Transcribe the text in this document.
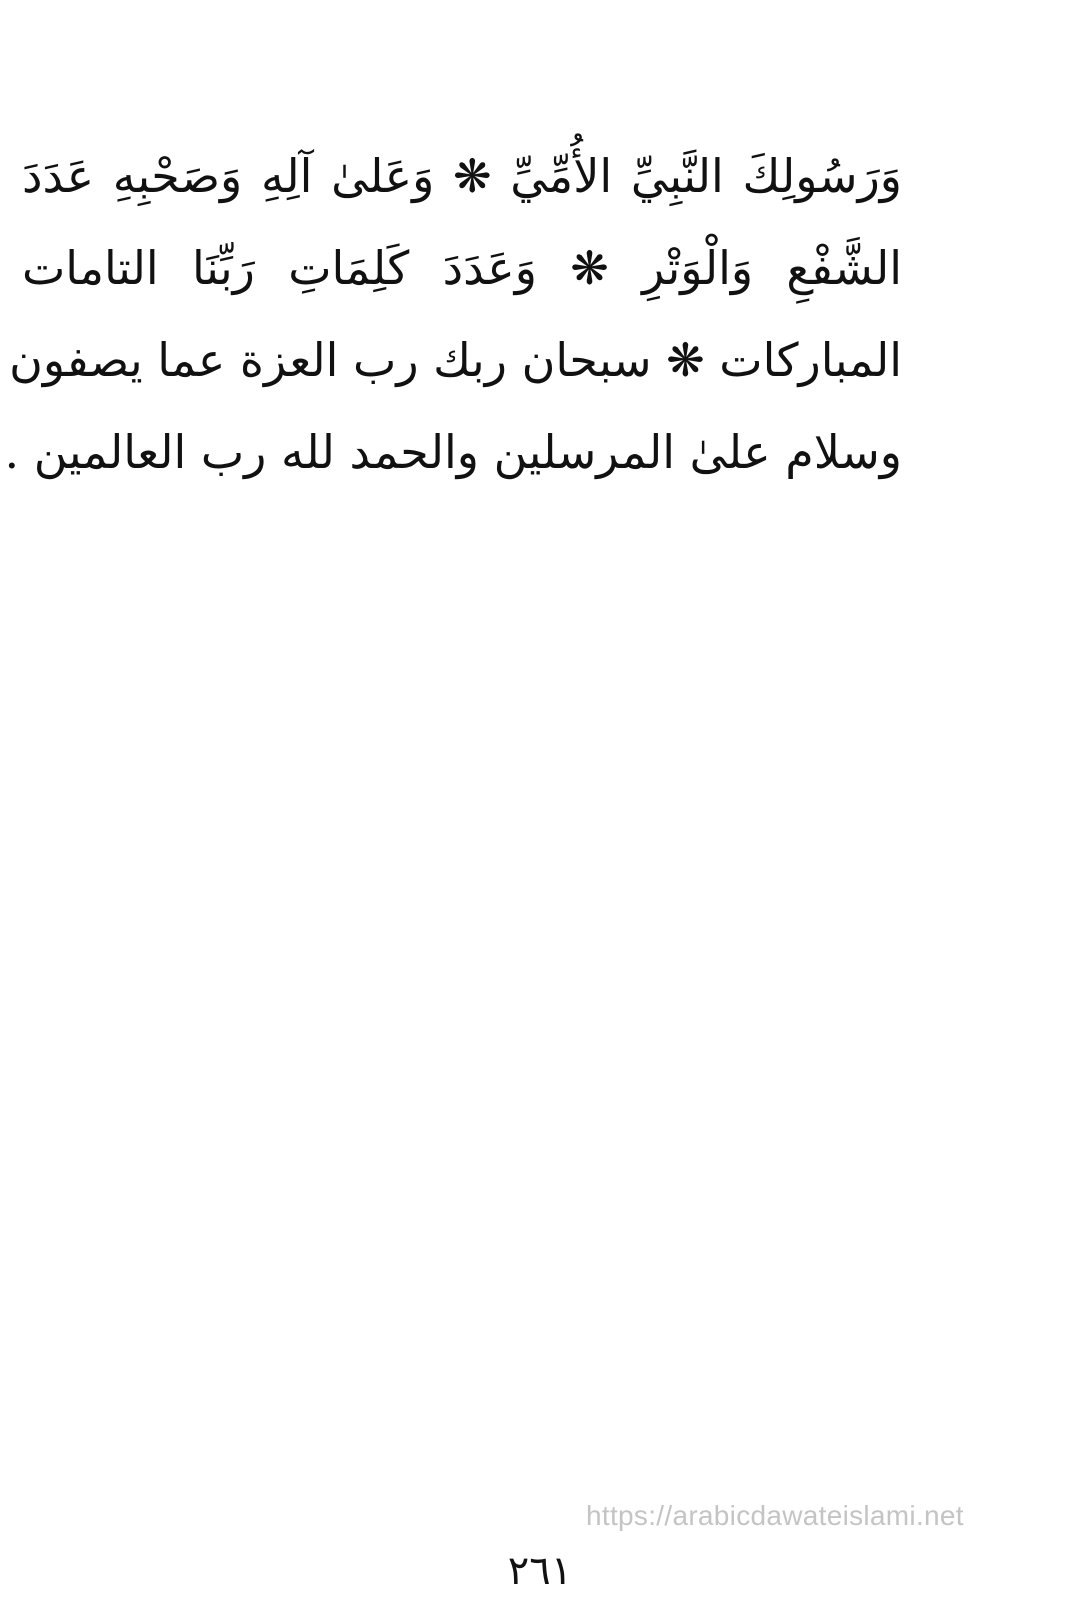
وَرَسُولِكَ النَّبِيِّ الأُمِّيِّ ❋ وَعَلىٰ آلِهِ وَصَحْبِهِ عَدَدَ
الشَّفْعِ وَالْوَتْرِ ❋ وَعَدَدَ كَلِمَاتِ رَبِّنَا التامات
المباركات ❋ سبحان ربك رب العزة عما يصفون
وسلام علىٰ المرسلين والحمد لله رب العالمين .
https://arabicdawateislami.net
٢٦١
